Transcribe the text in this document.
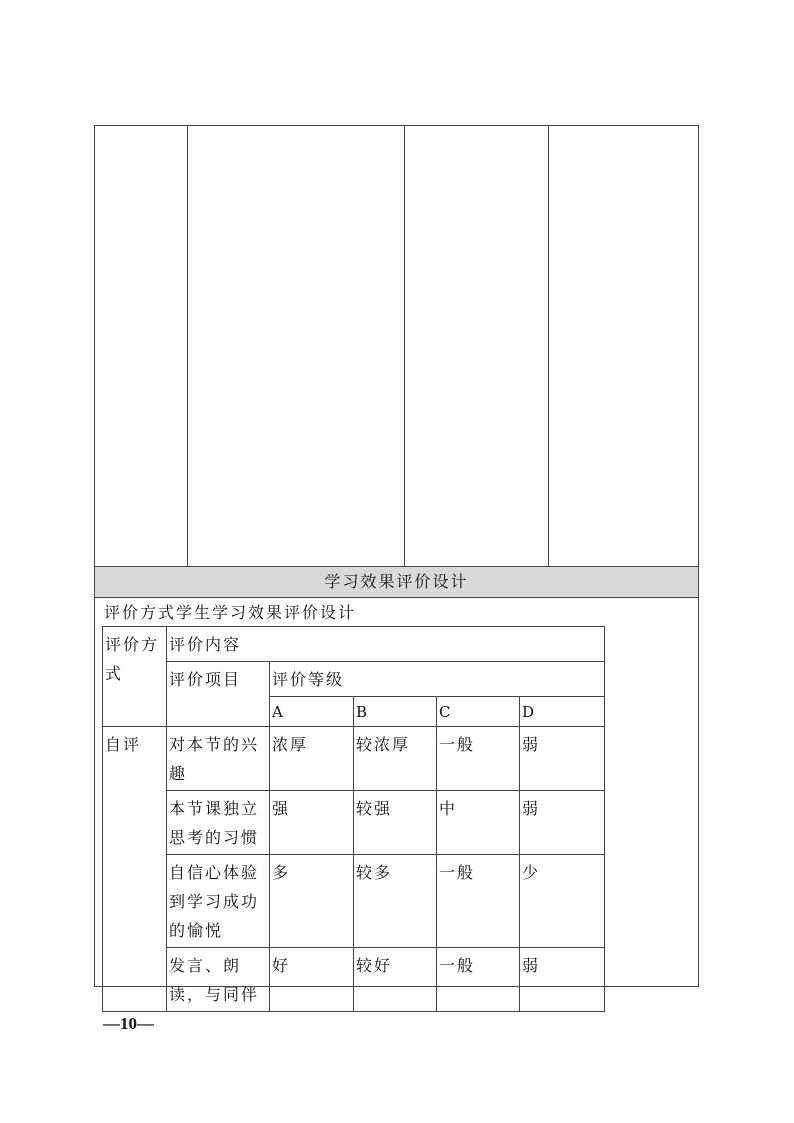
学习效果评价设计
评价方式学生学习效果评价设计
评价方式	评价内容				
	评价项目	评价等级			
		A	B	C	D
自评	对本节的兴趣	浓厚	较浓厚	一般	弱
	本节课独立思考的习惯	强	较强	中	弱
	自信心体验到学习成功的愉悦	多	较多	一般	少
	发言、朗读，与同伴	好	较好	一般	弱
—10—
